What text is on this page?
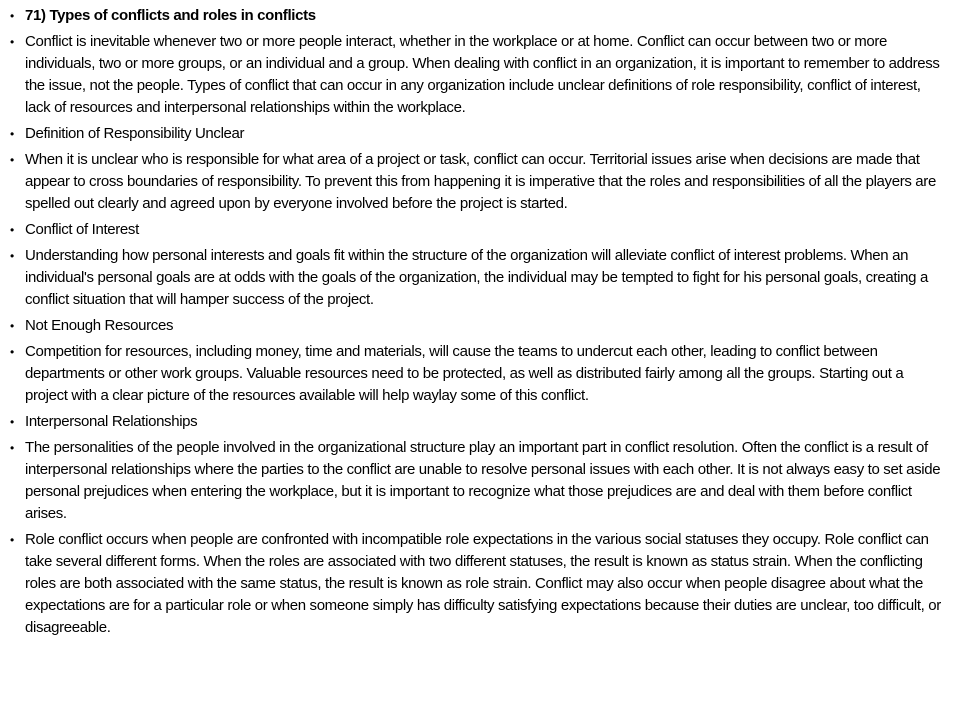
• 71) Types of conflicts and roles in conflicts
• Conflict is inevitable whenever two or more people interact, whether in the workplace or at home. Conflict can occur between two or more individuals, two or more groups, or an individual and a group. When dealing with conflict in an organization, it is important to remember to address the issue, not the people. Types of conflict that can occur in any organization include unclear definitions of role responsibility, conflict of interest, lack of resources and interpersonal relationships within the workplace.
• Definition of Responsibility Unclear
• When it is unclear who is responsible for what area of a project or task, conflict can occur. Territorial issues arise when decisions are made that appear to cross boundaries of responsibility. To prevent this from happening it is imperative that the roles and responsibilities of all the players are spelled out clearly and agreed upon by everyone involved before the project is started.
• Conflict of Interest
• Understanding how personal interests and goals fit within the structure of the organization will alleviate conflict of interest problems. When an individual's personal goals are at odds with the goals of the organization, the individual may be tempted to fight for his personal goals, creating a conflict situation that will hamper success of the project.
• Not Enough Resources
• Competition for resources, including money, time and materials, will cause the teams to undercut each other, leading to conflict between departments or other work groups. Valuable resources need to be protected, as well as distributed fairly among all the groups. Starting out a project with a clear picture of the resources available will help waylay some of this conflict.
• Interpersonal Relationships
• The personalities of the people involved in the organizational structure play an important part in conflict resolution. Often the conflict is a result of interpersonal relationships where the parties to the conflict are unable to resolve personal issues with each other. It is not always easy to set aside personal prejudices when entering the workplace, but it is important to recognize what those prejudices are and deal with them before conflict arises.
• Role conflict occurs when people are confronted with incompatible role expectations in the various social statuses they occupy. Role conflict can take several different forms. When the roles are associated with two different statuses, the result is known as status strain. When the conflicting roles are both associated with the same status, the result is known as role strain. Conflict may also occur when people disagree about what the expectations are for a particular role or when someone simply has difficulty satisfying expectations because their duties are unclear, too difficult, or disagreeable.
